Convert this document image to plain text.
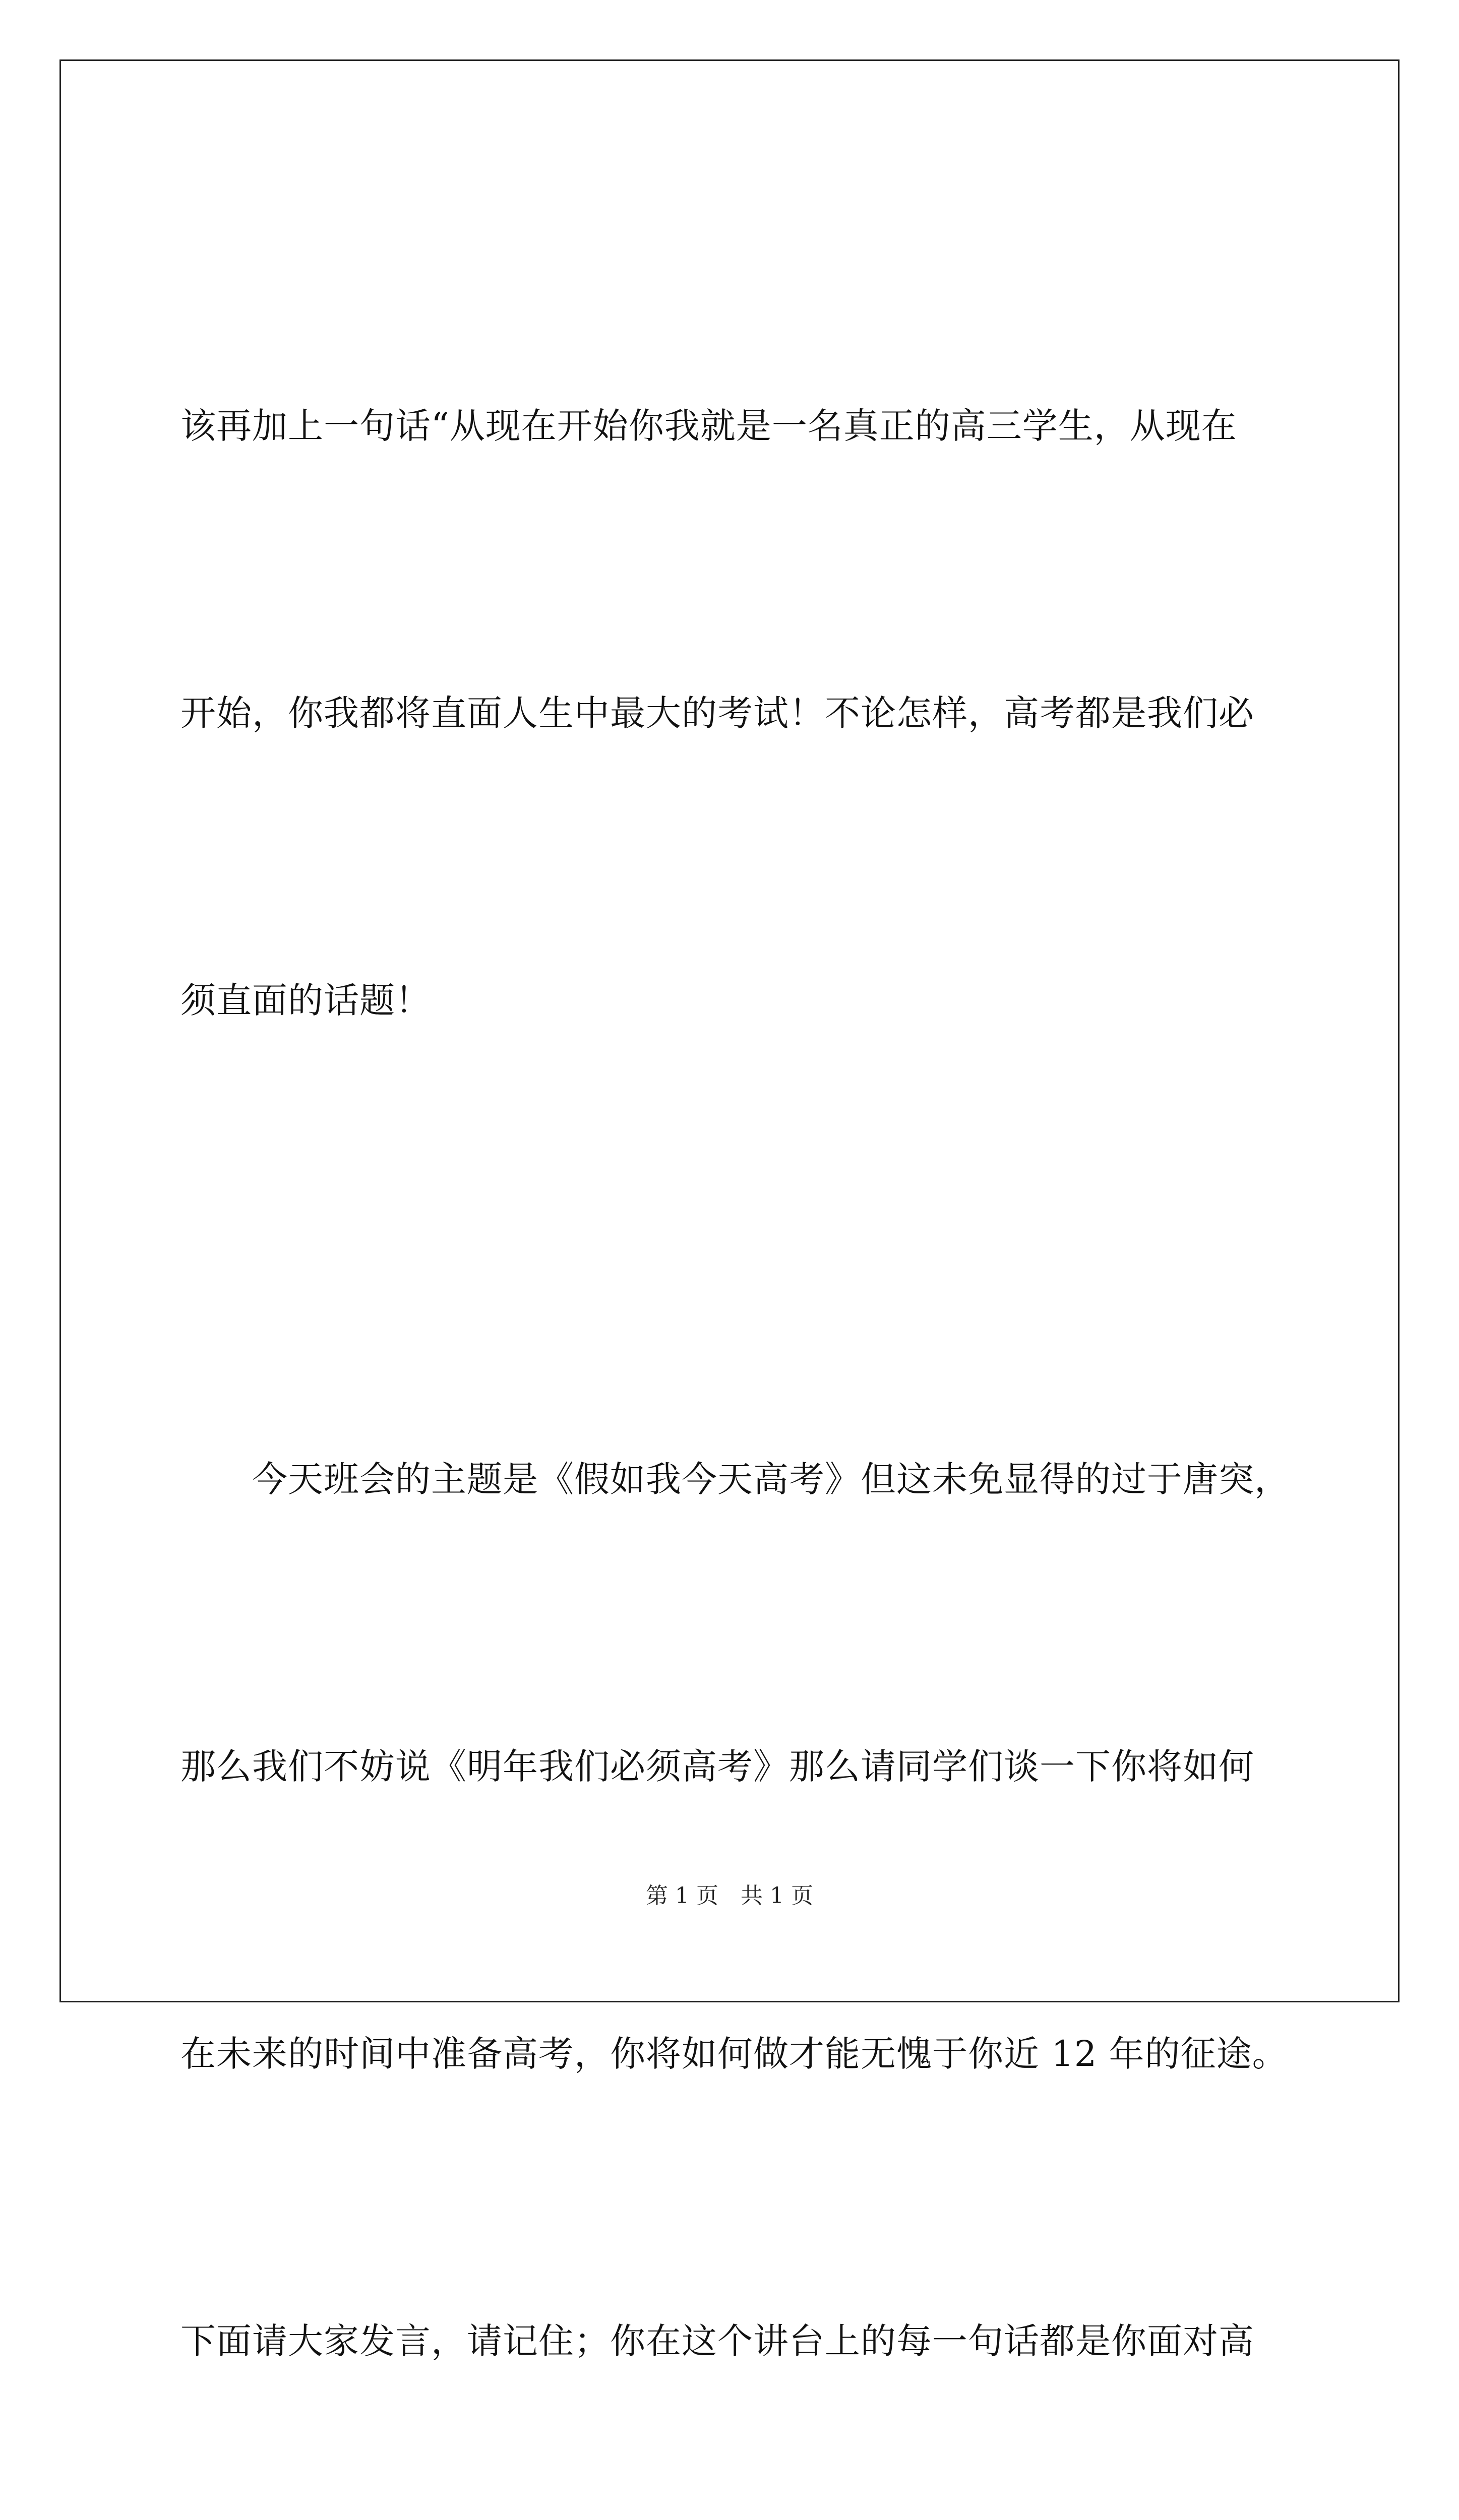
该再加上一句话“从现在开始你我就是一名真正的高三学生，从现在

开始，你我都将直面人生中最大的考试！不论怎样，高考都是我们必

须直面的话题！

　　今天班会的主题是《假如我今天高考》但这未免显得的过于唐突，

那么我们不妨说《明年我们必须高考》那么请同学们谈一下你将如何

在未来的时间中准备高考，你将如何做才能无愧于你近 12 年的征途。

下面请大家发言，请记住；你在这个讲台上的每一句话都是你面对高

第 1 页　共 1 页
